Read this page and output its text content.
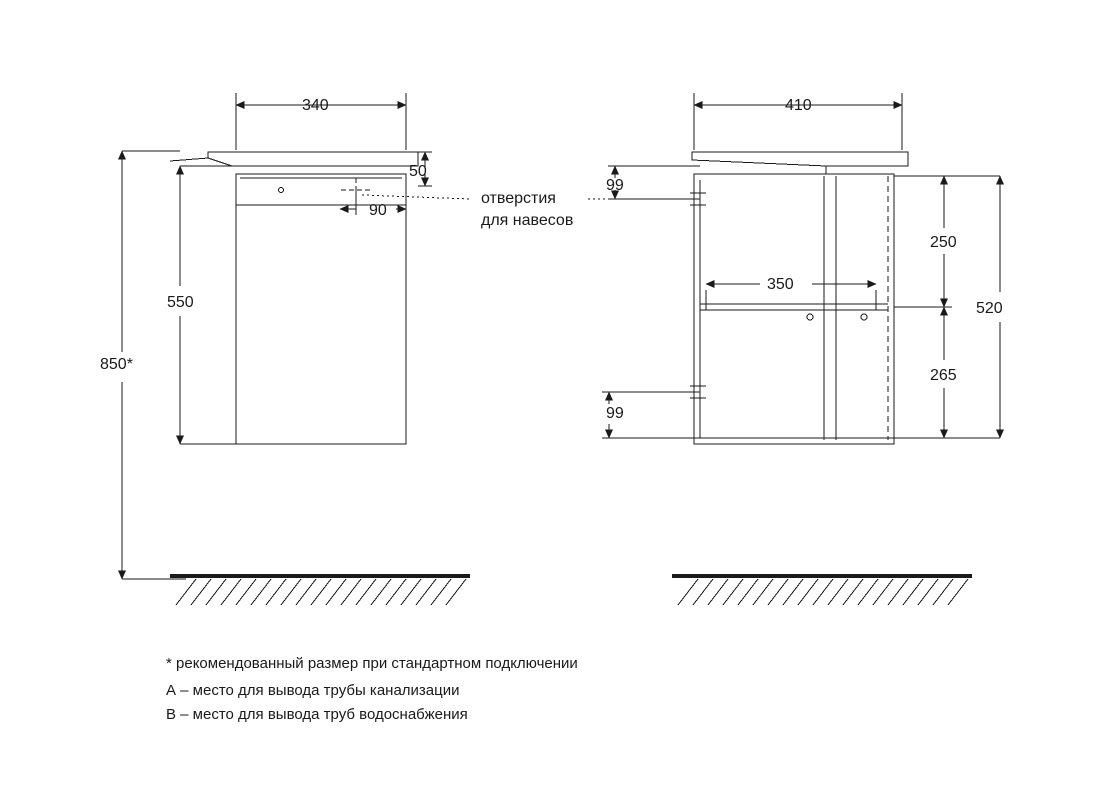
340
50
90
550
850*
410
99
99
350
250
265
520
отверстия
для навесов
* рекомендованный размер при стандартном подключении
А – место для вывода трубы канализации
В – место для вывода труб водоснабжения
